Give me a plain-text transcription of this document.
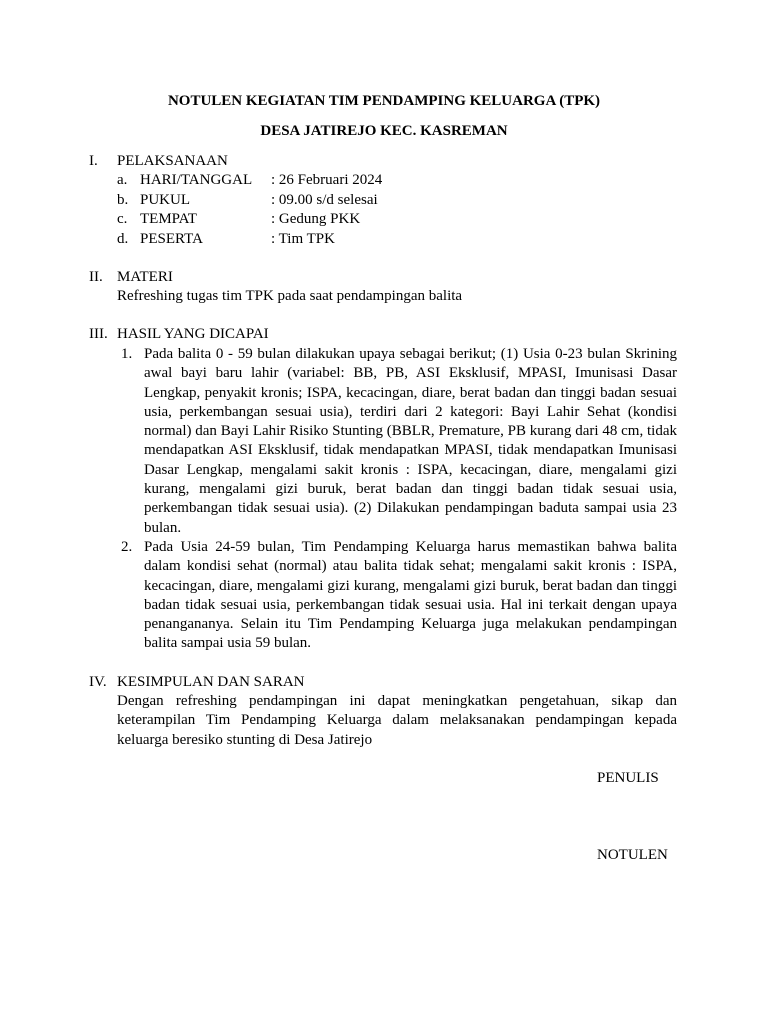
NOTULEN KEGIATAN TIM PENDAMPING KELUARGA (TPK)
DESA JATIREJO KEC. KASREMAN
I. PELAKSANAAN
a. HARI/TANGGAL : 26 Februari 2024
b. PUKUL	: 09.00 s/d selesai
c. TEMPAT	: Gedung PKK
d. PESERTA	: Tim TPK
II. MATERI
Refreshing tugas tim TPK pada saat pendampingan balita
III. HASIL YANG DICAPAI
1. Pada balita 0 - 59 bulan dilakukan upaya sebagai berikut; (1) Usia 0-23 bulan Skrining awal bayi baru lahir (variabel: BB, PB, ASI Eksklusif, MPASI, Imunisasi Dasar Lengkap, penyakit kronis; ISPA, kecacingan, diare, berat badan dan tinggi badan sesuai usia, perkembangan sesuai usia), terdiri dari 2 kategori: Bayi Lahir Sehat (kondisi normal) dan Bayi Lahir Risiko Stunting (BBLR, Premature, PB kurang dari 48 cm, tidak mendapatkan ASI Eksklusif, tidak mendapatkan MPASI, tidak mendapatkan Imunisasi Dasar Lengkap, mengalami sakit kronis : ISPA, kecacingan, diare, mengalami gizi kurang, mengalami gizi buruk, berat badan dan tinggi badan tidak sesuai usia, perkembangan tidak sesuai usia). (2) Dilakukan pendampingan baduta sampai usia 23 bulan.
2. Pada Usia 24-59 bulan, Tim Pendamping Keluarga harus memastikan bahwa balita dalam kondisi sehat (normal) atau balita tidak sehat; mengalami sakit kronis : ISPA, kecacingan, diare, mengalami gizi kurang, mengalami gizi buruk, berat badan dan tinggi badan tidak sesuai usia, perkembangan tidak sesuai usia. Hal ini terkait dengan upaya penangananya. Selain itu Tim Pendamping Keluarga juga melakukan pendampingan balita sampai usia 59 bulan.
IV. KESIMPULAN DAN SARAN
Dengan refreshing pendampingan ini dapat meningkatkan pengetahuan, sikap dan keterampilan Tim Pendamping Keluarga dalam melaksanakan pendampingan kepada keluarga beresiko stunting di Desa Jatirejo
PENULIS
NOTULEN
